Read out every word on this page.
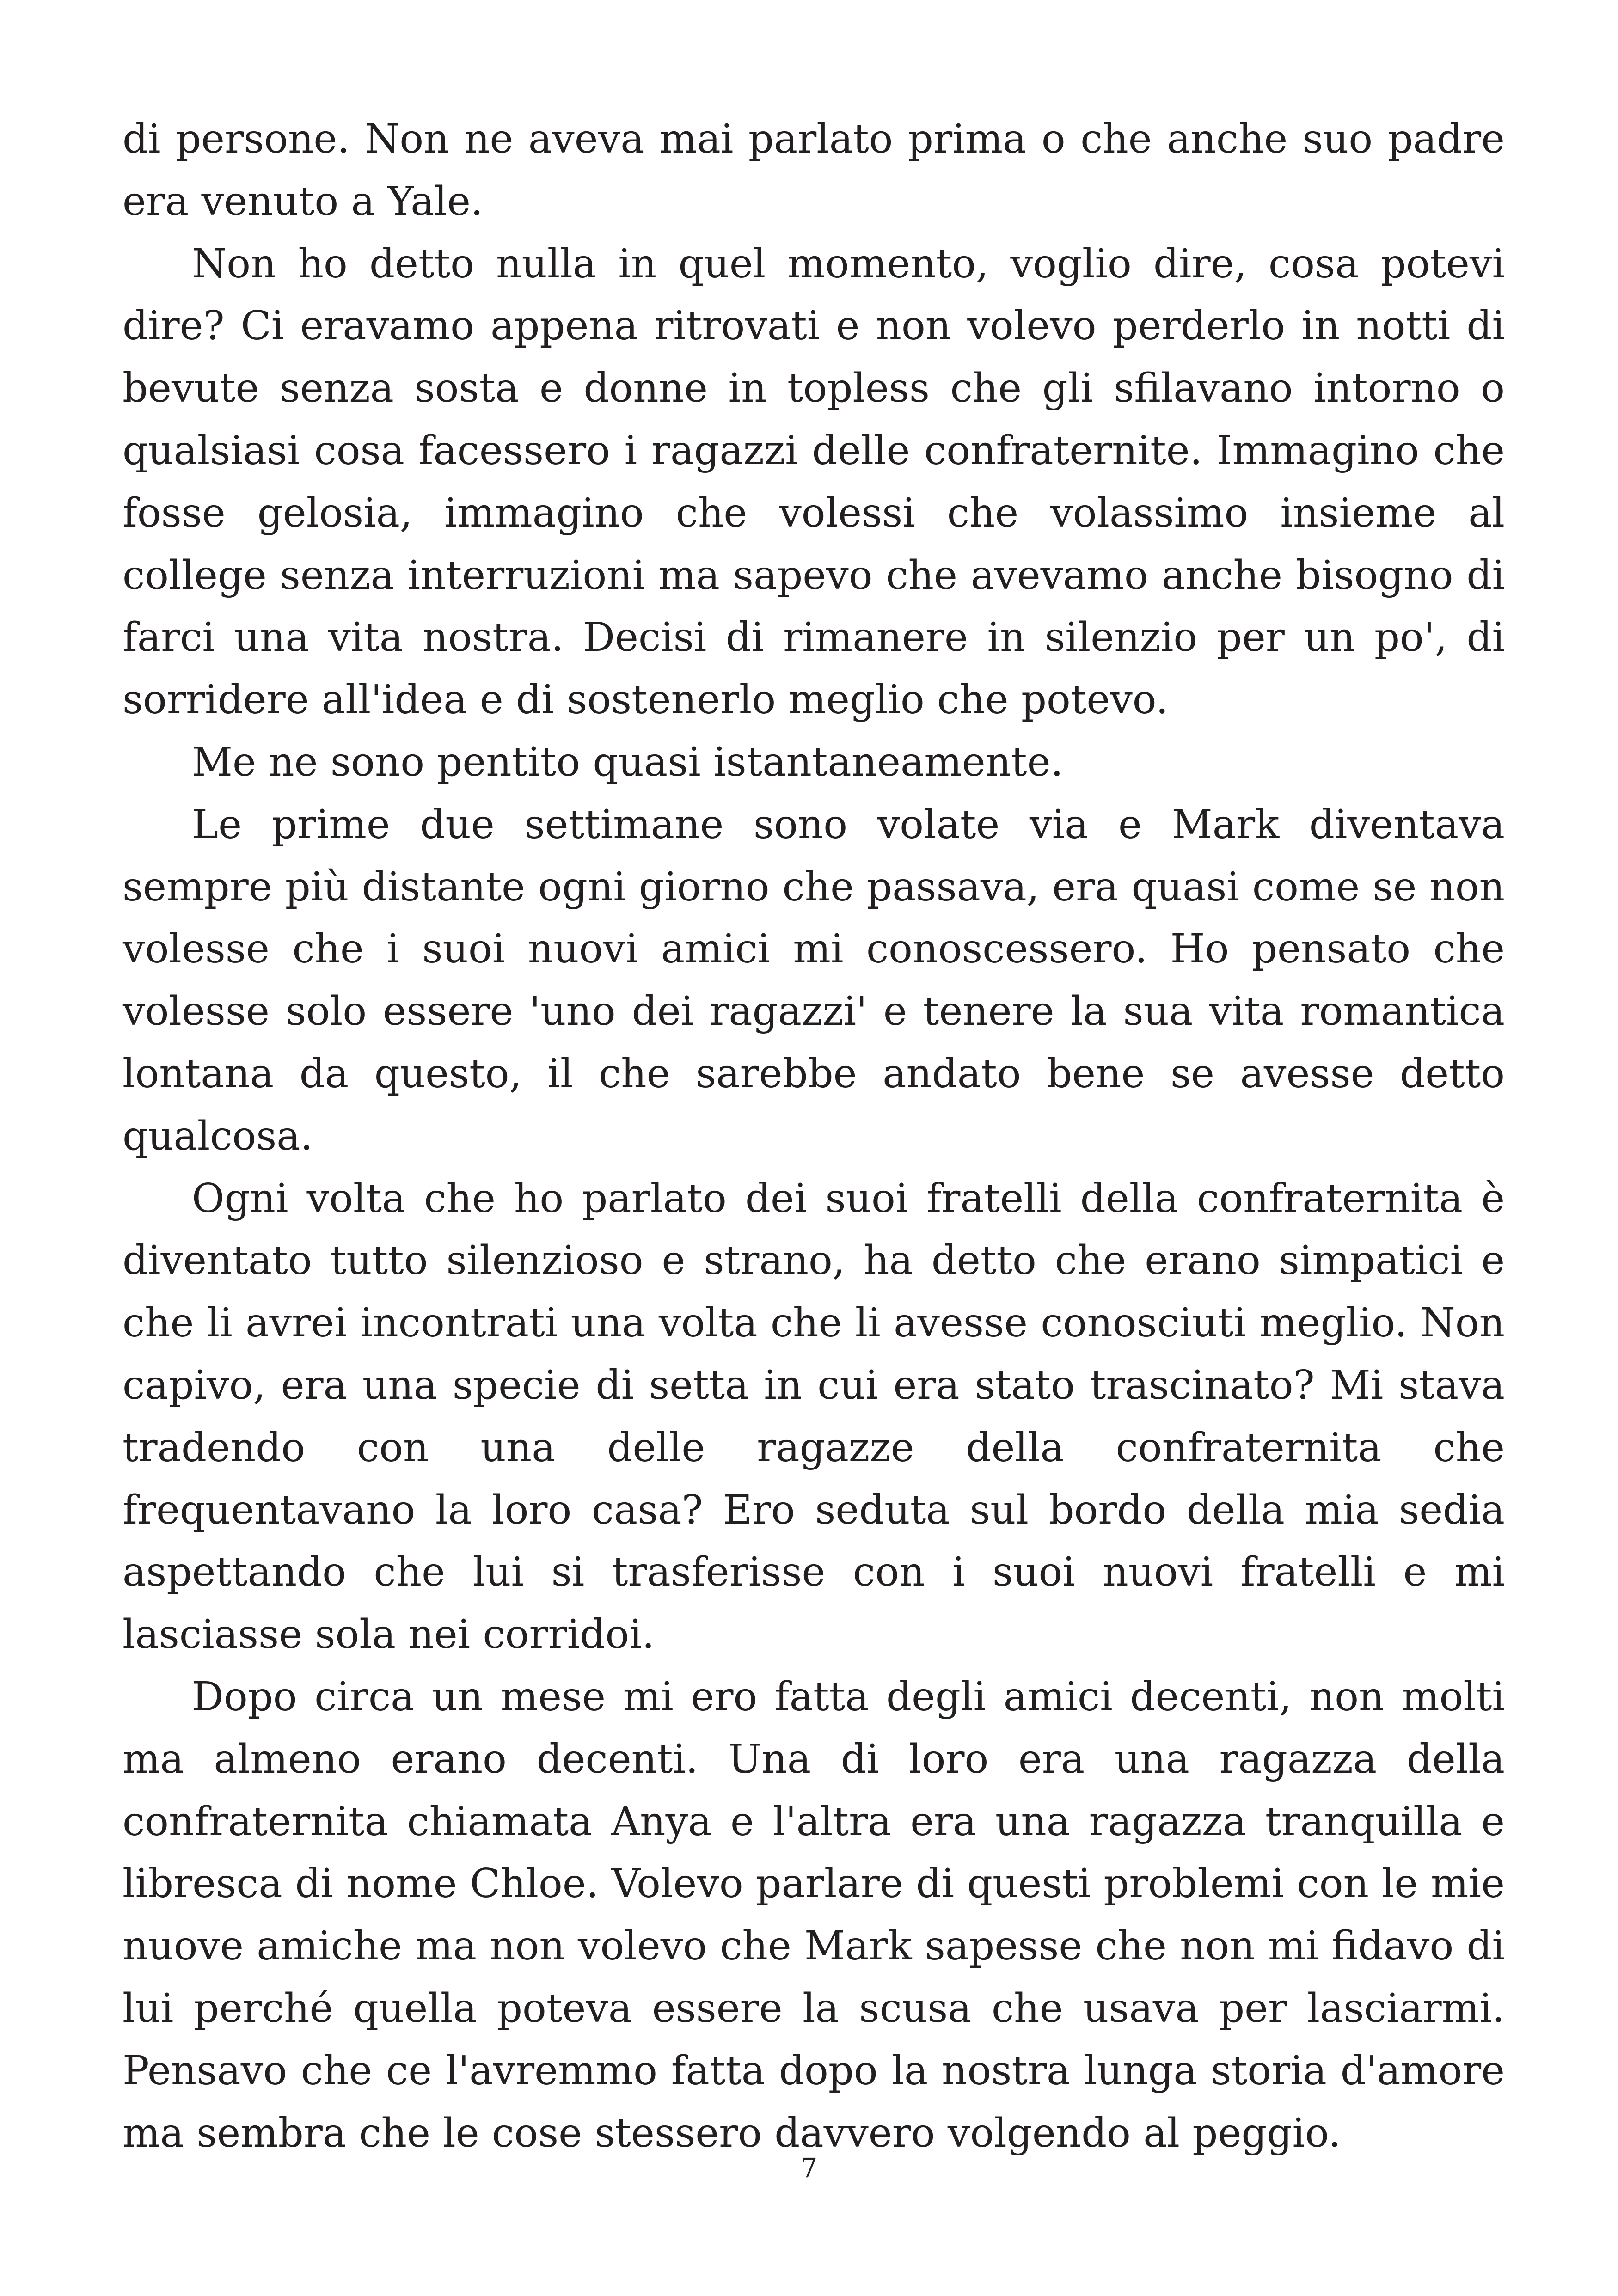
di persone. Non ne aveva mai parlato prima o che anche suo padre era venuto a Yale.

Non ho detto nulla in quel momento, voglio dire, cosa potevi dire? Ci eravamo appena ritrovati e non volevo perderlo in notti di bevute senza sosta e donne in topless che gli sfilavano intorno o qualsiasi cosa facessero i ragazzi delle confraternite. Immagino che fosse gelosia, immagino che volessi che volassimo insieme al college senza interruzioni ma sapevo che avevamo anche bisogno di farci una vita nostra. Decisi di rimanere in silenzio per un po', di sorridere all'idea e di sostenerlo meglio che potevo.

Me ne sono pentito quasi istantaneamente.

Le prime due settimane sono volate via e Mark diventava sempre più distante ogni giorno che passava, era quasi come se non volesse che i suoi nuovi amici mi conoscessero. Ho pensato che volesse solo essere 'uno dei ragazzi' e tenere la sua vita romantica lontana da questo, il che sarebbe andato bene se avesse detto qualcosa.

Ogni volta che ho parlato dei suoi fratelli della confraternita è diventato tutto silenzioso e strano, ha detto che erano simpatici e che li avrei incontrati una volta che li avesse conosciuti meglio. Non capivo, era una specie di setta in cui era stato trascinato? Mi stava tradendo con una delle ragazze della confraternita che frequentavano la loro casa? Ero seduta sul bordo della mia sedia aspettando che lui si trasferisse con i suoi nuovi fratelli e mi lasciasse sola nei corridoi.

Dopo circa un mese mi ero fatta degli amici decenti, non molti ma almeno erano decenti. Una di loro era una ragazza della confraternita chiamata Anya e l'altra era una ragazza tranquilla e libresca di nome Chloe. Volevo parlare di questi problemi con le mie nuove amiche ma non volevo che Mark sapesse che non mi fidavo di lui perché quella poteva essere la scusa che usava per lasciarmi. Pensavo che ce l'avremmo fatta dopo la nostra lunga storia d'amore ma sembra che le cose stessero davvero volgendo al peggio.

7
